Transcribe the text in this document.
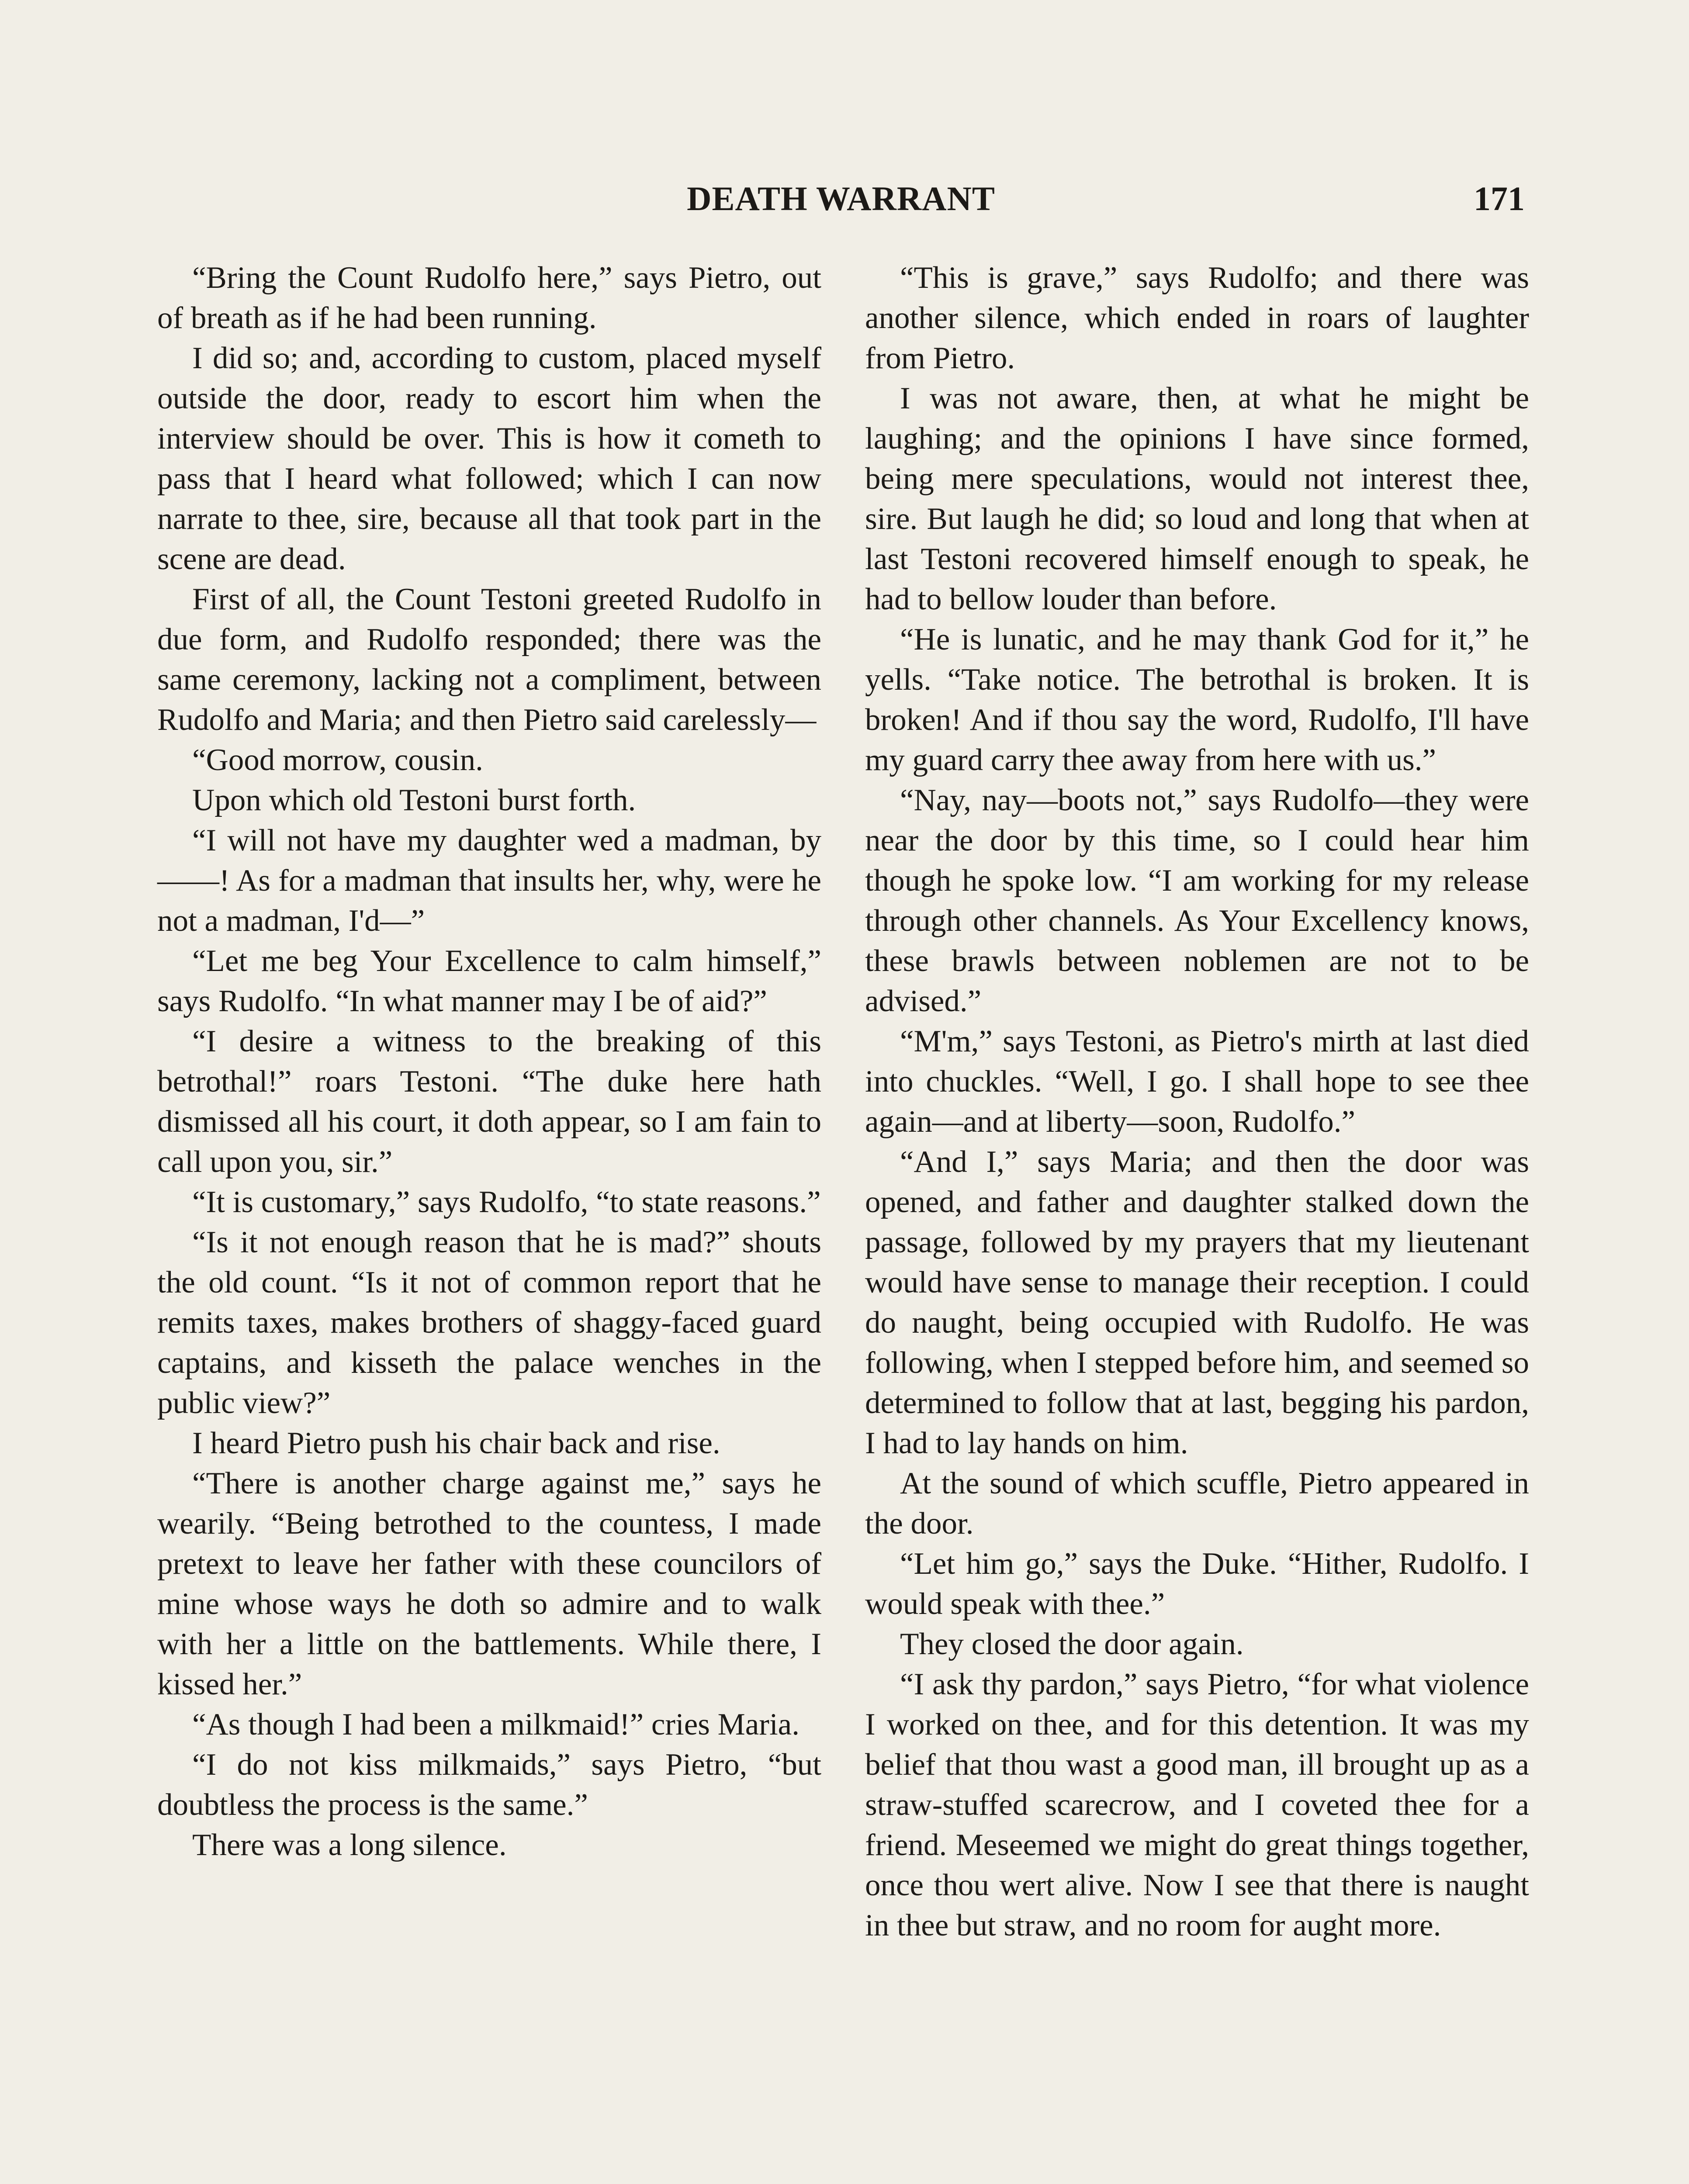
DEATH WARRANT	171

“Bring the Count Rudolfo here,” says Pietro, out of breath as if he had been running.

I did so; and, according to custom, placed myself outside the door, ready to escort him when the interview should be over. This is how it cometh to pass that I heard what followed; which I can now narrate to thee, sire, because all that took part in the scene are dead.

First of all, the Count Testoni greeted Rudolfo in due form, and Rudolfo responded; there was the same ceremony, lacking not a compliment, between Rudolfo and Maria; and then Pietro said carelessly—

“Good morrow, cousin.

Upon which old Testoni burst forth.

“I will not have my daughter wed a madman, by ——! As for a madman that insults her, why, were he not a madman, I'd—”

“Let me beg Your Excellence to calm himself,” says Rudolfo. “In what manner may I be of aid?”

“I desire a witness to the breaking of this betrothal!” roars Testoni. “The duke here hath dismissed all his court, it doth appear, so I am fain to call upon you, sir.”

“It is customary,” says Rudolfo, “to state reasons.”

“Is it not enough reason that he is mad?” shouts the old count. “Is it not of common report that he remits taxes, makes brothers of shaggy-faced guard captains, and kisseth the palace wenches in the public view?”

I heard Pietro push his chair back and rise.

“There is another charge against me,” says he wearily. “Being betrothed to the countess, I made pretext to leave her father with these councilors of mine whose ways he doth so admire and to walk with her a little on the battlements. While there, I kissed her.”

“As though I had been a milkmaid!” cries Maria.

“I do not kiss milkmaids,” says Pietro, “but doubtless the process is the same.”

There was a long silence.

“This is grave,” says Rudolfo; and there was another silence, which ended in roars of laughter from Pietro.

I was not aware, then, at what he might be laughing; and the opinions I have since formed, being mere speculations, would not interest thee, sire. But laugh he did; so loud and long that when at last Testoni recovered himself enough to speak, he had to bellow louder than before.

“He is lunatic, and he may thank God for it,” he yells. “Take notice. The betrothal is broken. It is broken! And if thou say the word, Rudolfo, I'll have my guard carry thee away from here with us.”

“Nay, nay—boots not,” says Rudolfo—they were near the door by this time, so I could hear him though he spoke low. “I am working for my release through other channels. As Your Excellency knows, these brawls between noblemen are not to be advised.”

“M'm,” says Testoni, as Pietro's mirth at last died into chuckles. “Well, I go. I shall hope to see thee again—and at liberty—soon, Rudolfo.”

“And I,” says Maria; and then the door was opened, and father and daughter stalked down the passage, followed by my prayers that my lieutenant would have sense to manage their reception. I could do naught, being occupied with Rudolfo. He was following, when I stepped before him, and seemed so determined to follow that at last, begging his pardon, I had to lay hands on him.

At the sound of which scuffle, Pietro appeared in the door.

“Let him go,” says the Duke. “Hither, Rudolfo. I would speak with thee.”

They closed the door again.

“I ask thy pardon,” says Pietro, “for what violence I worked on thee, and for this detention. It was my belief that thou wast a good man, ill brought up as a straw-stuffed scarecrow, and I coveted thee for a friend. Meseemed we might do great things together, once thou wert alive. Now I see that there is naught in thee but straw, and no room for aught more.
